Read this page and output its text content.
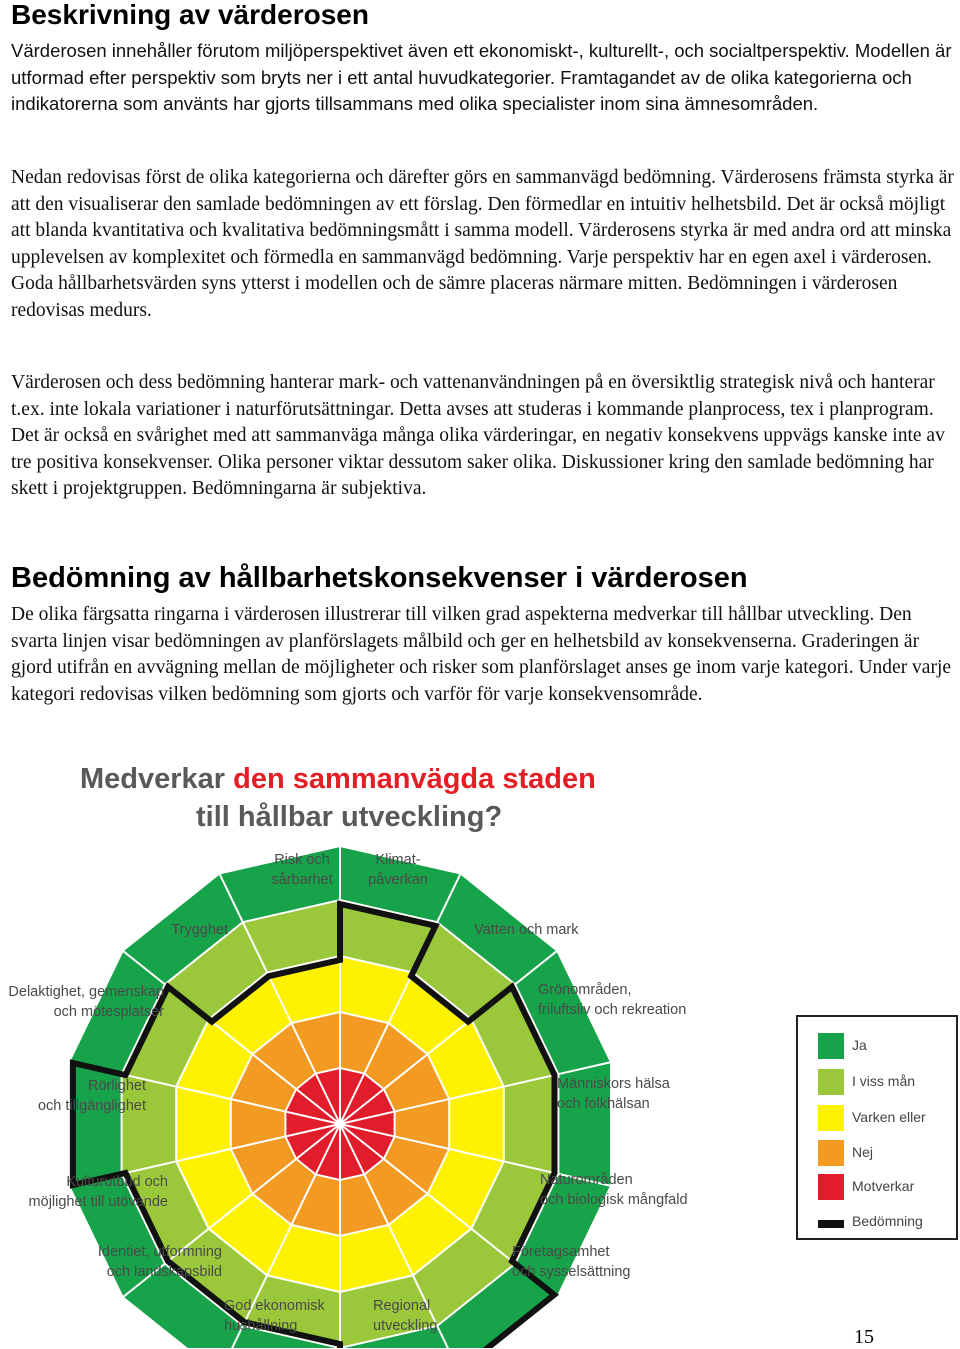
Beskrivning av värderosen

Värderosen innehåller förutom miljöperspektivet även ett ekonomiskt-, kulturellt-, och socialtperspektiv. Modellen är utformad efter perspektiv som bryts ner i ett antal huvudkategorier. Framtagandet av de olika kategorierna och indikatorerna som använts har gjorts tillsammans med olika specialister inom sina ämnesområden.

Nedan redovisas först de olika kategorierna och därefter görs en sammanvägd bedömning. Värderosens främsta styrka är att den visualiserar den samlade bedömningen av ett förslag. Den förmedlar en intuitiv helhetsbild. Det är också möjligt att blanda kvantitativa och kvalitativa bedömningsmått i samma modell. Värderosens styrka är med andra ord att minska upplevelsen av komplexitet och förmedla en sammanvägd bedömning. Varje perspektiv har en egen axel i värderosen. Goda hållbarhetsvärden syns ytterst i modellen och de sämre placeras närmare mitten. Bedömningen i värderosen redovisas medurs.

Värderosen och dess bedömning hanterar mark- och vattenanvändningen på en översiktlig strategisk nivå och hanterar t.ex. inte lokala variationer i naturförutsättningar. Detta avses att studeras i kommande planprocess, tex i planprogram. Det är också en svårighet med att sammanväga många olika värderingar, en negativ konsekvens uppvägs kanske inte av tre positiva konsekvenser. Olika personer viktar dessutom saker olika. Diskussioner kring den samlade bedömning har skett i projektgruppen. Bedömningarna är subjektiva.

Bedömning av hållbarhetskonsekvenser i värderosen

De olika färgsatta ringarna i värderosen illustrerar till vilken grad aspekterna medverkar till hållbar utveckling. Den svarta linjen visar bedömningen av planförslagets målbild och ger en helhetsbild av konsekvenserna. Graderingen är gjord utifrån en avvägning mellan de möjligheter och risker som planförslaget anses ge inom varje kategori. Under varje kategori redovisas vilken bedömning som gjorts och varför för varje konsekvensområde.

Medverkar den sammanvägda staden
till hållbar utveckling?
Klimat-
påverkan
Vatten och mark
Grönområden,
friluftsliv och rekreation
Människors hälsa
och folkhälsan
Naturområden
och biologisk mångfald
Företagsamhet
och sysselsättning
Regional
utveckling
God ekonomisk
hushållning
Identiet, utformning
och landskapsbild
Kulturutbud och
möjlighet till utövande
Rörlighet
och tillgänglighet
Delaktighet, gemenskap
och mötesplatser
Trygghet
Risk och
sårbarhet
Ja
I viss mån
Varken eller
Nej
Motverkar
Bedömning
15
